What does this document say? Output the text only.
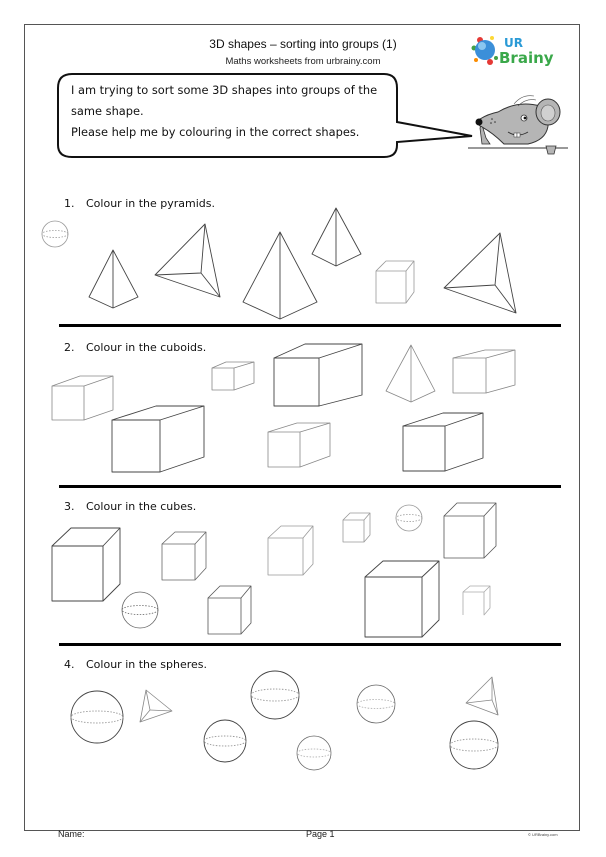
3D shapes – sorting into groups (1)
Maths worksheets from urbrainy.com
UR
Brainy
I am trying to sort some 3D shapes into groups of the
same shape.
Please help me by colouring in the correct shapes.
1. Colour in the pyramids.
2. Colour in the cuboids.
3. Colour in the cubes.
4. Colour in the spheres.
Name:	Page 1	© URBrainy.com
